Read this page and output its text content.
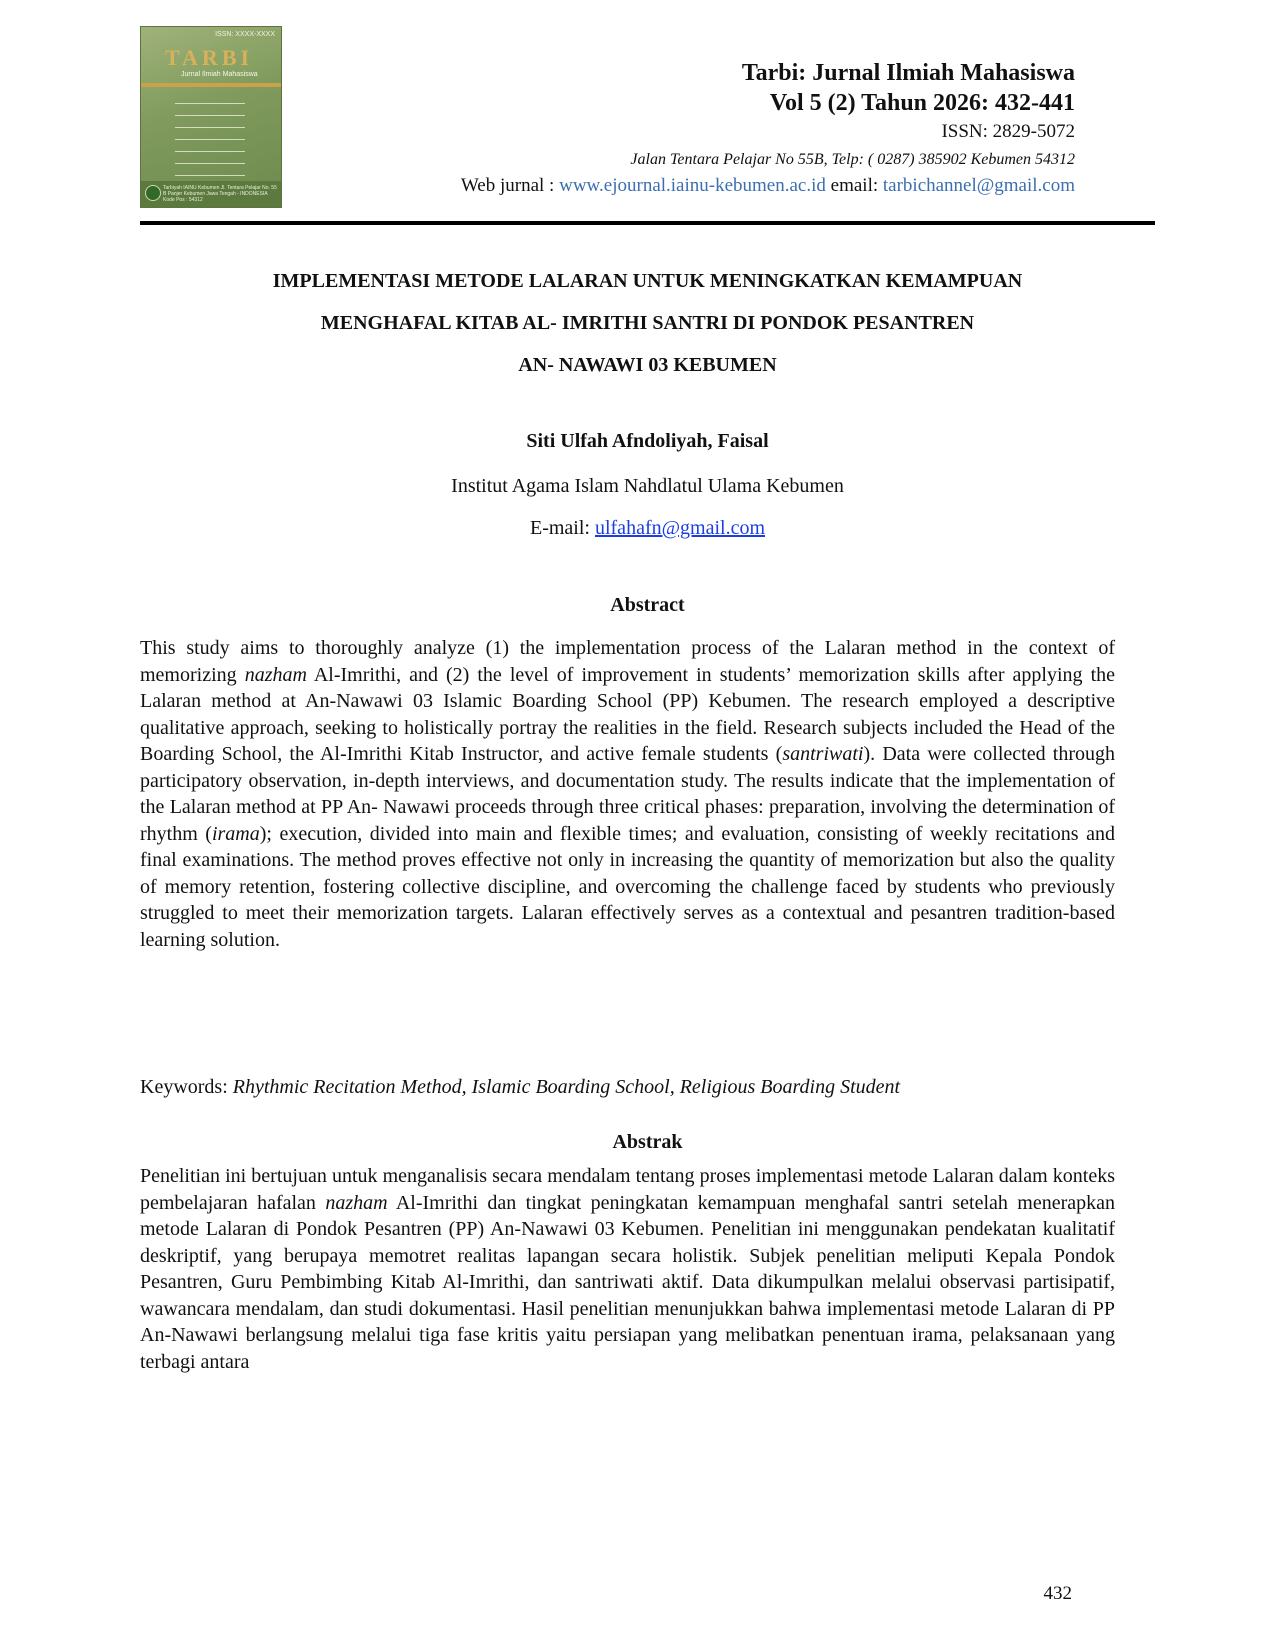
ISSN: XXXX-XXXX
TARBI
Jurnal Ilmiah Mahasiswa
Tarbiyah IAINU Kebumen Jl. Tentara Pelajar No. 55 B Panjer Kebumen Jawa Tengah - INDONESIA Kode Pos : 54312
Tarbi: Jurnal Ilmiah Mahasiswa
Vol 5 (2) Tahun 2026: 432-441
ISSN: 2829-5072
Jalan Tentara Pelajar No 55B, Telp: ( 0287) 385902 Kebumen 54312
Web jurnal : www.ejournal.iainu-kebumen.ac.id email: tarbichannel@gmail.com
IMPLEMENTASI METODE LALARAN UNTUK MENINGKATKAN KEMAMPUAN
MENGHAFAL KITAB AL- IMRITHI SANTRI DI PONDOK PESANTREN
AN- NAWAWI 03 KEBUMEN
Siti Ulfah Afndoliyah, Faisal
Institut Agama Islam Nahdlatul Ulama Kebumen
E-mail: ulfahafn@gmail.com
Abstract

This study aims to thoroughly analyze (1) the implementation process of the Lalaran method in the context of memorizing nazham Al-Imrithi, and (2) the level of improvement in students’ memorization skills after applying the Lalaran method at An-Nawawi 03 Islamic Boarding School (PP) Kebumen. The research employed a descriptive qualitative approach, seeking to holistically portray the realities in the field. Research subjects included the Head of the Boarding School, the Al-Imrithi Kitab Instructor, and active female students (santriwati). Data were collected through participatory observation, in-depth interviews, and documentation study. The results indicate that the implementation of the Lalaran method at PP An- Nawawi proceeds through three critical phases: preparation, involving the determination of rhythm (irama); execution, divided into main and flexible times; and evaluation, consisting of weekly recitations and final examinations. The method proves effective not only in increasing the quantity of memorization but also the quality of memory retention, fostering collective discipline, and overcoming the challenge faced by students who previously struggled to meet their memorization targets. Lalaran effectively serves as a contextual and pesantren tradition-based learning solution.

Keywords: Rhythmic Recitation Method, Islamic Boarding School, Religious Boarding Student
Abstrak

Penelitian ini bertujuan untuk menganalisis secara mendalam tentang proses implementasi metode Lalaran dalam konteks pembelajaran hafalan nazham Al-Imrithi dan tingkat peningkatan kemampuan menghafal santri setelah menerapkan metode Lalaran di Pondok Pesantren (PP) An-Nawawi 03 Kebumen. Penelitian ini menggunakan pendekatan kualitatif deskriptif, yang berupaya memotret realitas lapangan secara holistik. Subjek penelitian meliputi Kepala Pondok Pesantren, Guru Pembimbing Kitab Al-Imrithi, dan santriwati aktif. Data dikumpulkan melalui observasi partisipatif, wawancara mendalam, dan studi dokumentasi. Hasil penelitian menunjukkan bahwa implementasi metode Lalaran di PP An-Nawawi berlangsung melalui tiga fase kritis yaitu persiapan yang melibatkan penentuan irama, pelaksanaan yang terbagi antara

432
